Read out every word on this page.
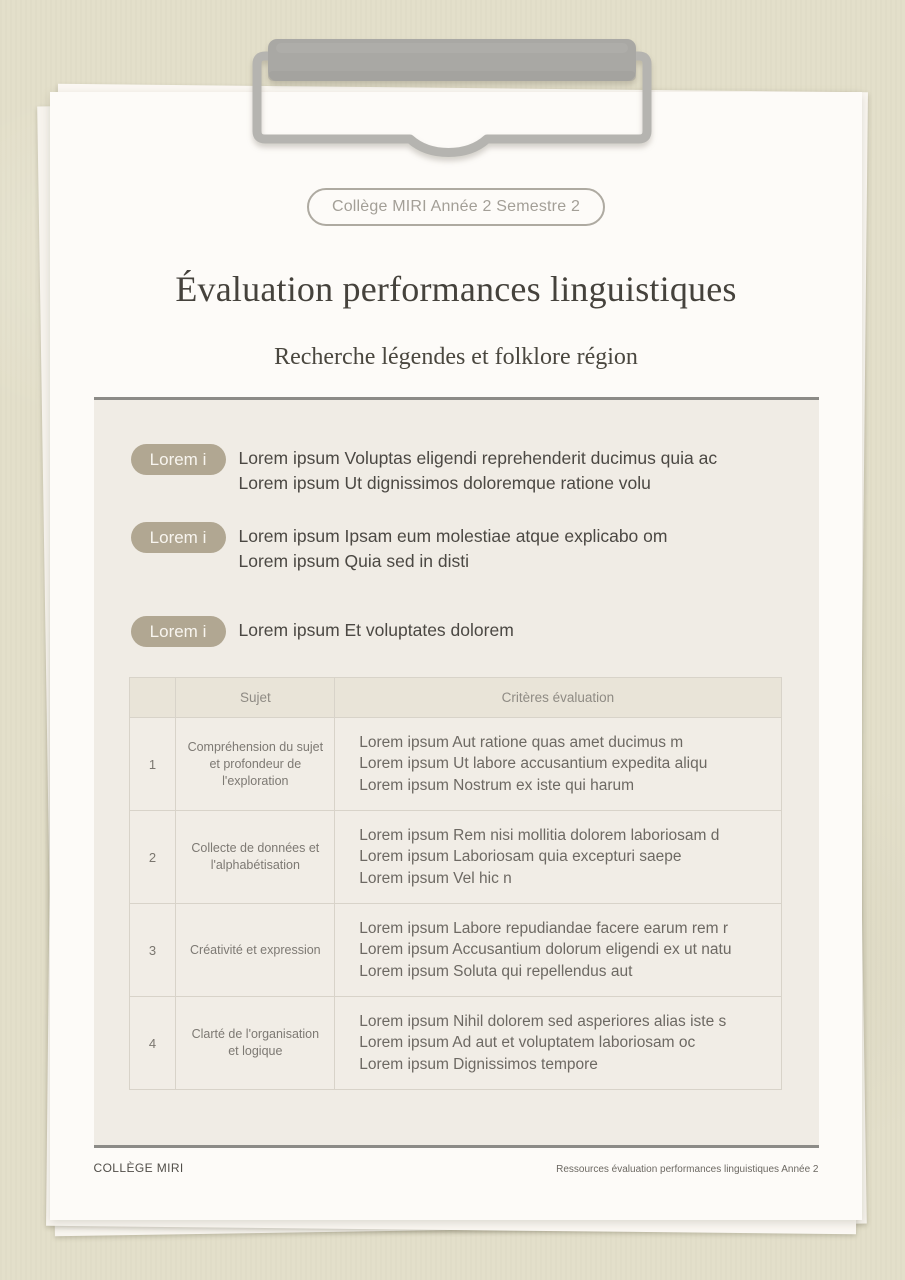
Collège MIRI Année 2 Semestre 2
Évaluation performances linguistiques
Recherche légendes et folklore région
Lorem i	Lorem ipsum Voluptas eligendi reprehenderit ducimus quia ac
Lorem ipsum Ut dignissimos doloremque ratione volu
Lorem i	Lorem ipsum Ipsam eum molestiae atque explicabo om
Lorem ipsum Quia sed in disti
Lorem i	Lorem ipsum Et voluptates dolorem
	Sujet	Critères évaluation
1	Compréhension du sujet et profondeur de l'exploration	Lorem ipsum Aut ratione quas amet ducimus m
Lorem ipsum Ut labore accusantium expedita aliqu
Lorem ipsum Nostrum ex iste qui harum

2	Collecte de données et l'alphabétisation	Lorem ipsum Rem nisi mollitia dolorem laboriosam d
Lorem ipsum Laboriosam quia excepturi saepe
Lorem ipsum Vel hic n

3	Créativité et expression	Lorem ipsum Labore repudiandae facere earum rem r
Lorem ipsum Accusantium dolorum eligendi ex ut natu
Lorem ipsum Soluta qui repellendus aut

4	Clarté de l'organisation et logique	Lorem ipsum Nihil dolorem sed asperiores alias iste s
Lorem ipsum Ad aut et voluptatem laboriosam oc
Lorem ipsum Dignissimos tempore
COLLÈGE MIRI	Ressources évaluation performances linguistiques Année 2
